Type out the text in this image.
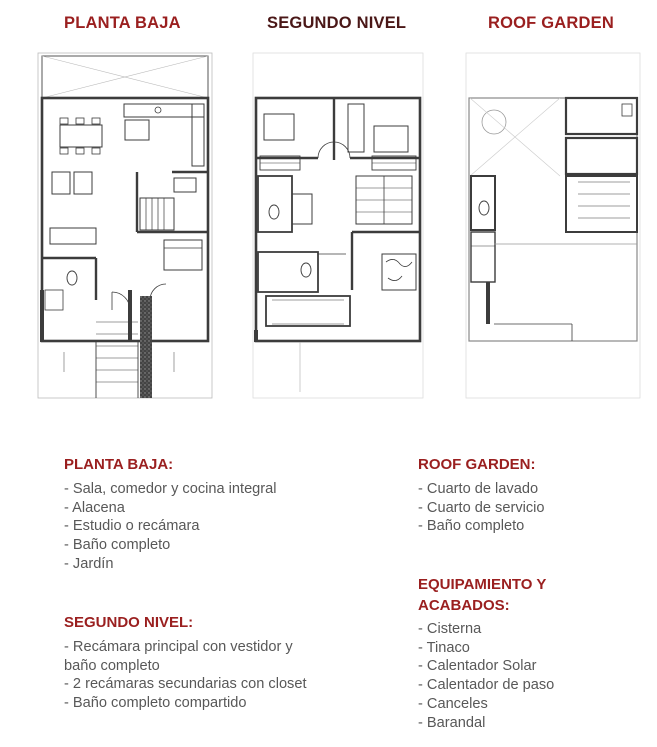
PLANTA BAJA	SEGUNDO NIVEL	ROOF GARDEN
PLANTA BAJA:
- Sala, comedor y cocina integral
- Alacena
- Estudio o recámara
- Baño completo
- Jardín
SEGUNDO NIVEL:
- Recámara principal con vestidor y
baño completo
- 2 recámaras secundarias con closet
- Baño completo compartido
ROOF GARDEN:
- Cuarto de lavado
- Cuarto de servicio
- Baño completo
EQUIPAMIENTO Y
ACABADOS:
- Cisterna
- Tinaco
- Calentador Solar
- Calentador de paso
- Canceles
- Barandal
